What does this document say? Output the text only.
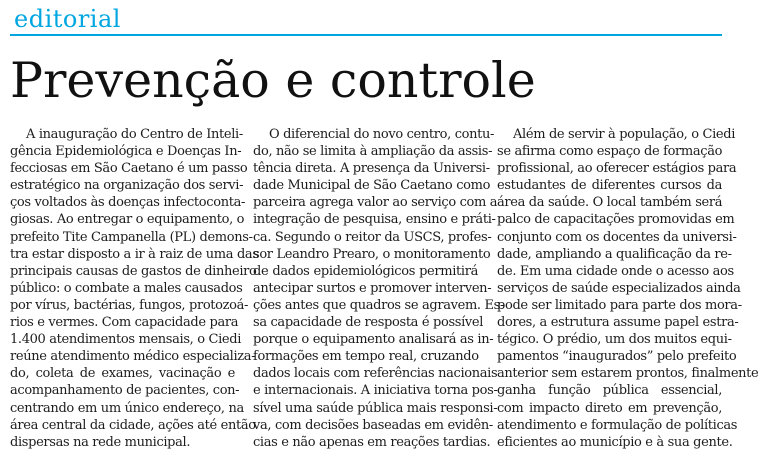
editorial
Prevenção e controle
A inauguração do Centro de Inteli-
gência Epidemiológica e Doenças In-
fecciosas em São Caetano é um passo
estratégico na organização dos servi-
ços voltados às doenças infectoconta-
giosas. Ao entregar o equipamento, o
prefeito Tite Campanella (PL) demons-
tra estar disposto a ir à raiz de uma das
principais causas de gastos de dinheiro
público: o combate a males causados
por vírus, bactérias, fungos, protozoá-
rios e vermes. Com capacidade para
1.400 atendimentos mensais, o Ciedi
reúne atendimento médico especializa-
do, coleta de exames, vacinação e
acompanhamento de pacientes, con-
centrando em um único endereço, na
área central da cidade, ações até então
dispersas na rede municipal.
O diferencial do novo centro, contu-
do, não se limita à ampliação da assis-
tência direta. A presença da Universi-
dade Municipal de São Caetano como
parceira agrega valor ao serviço com a
integração de pesquisa, ensino e práti-
ca. Segundo o reitor da USCS, profes-
sor Leandro Prearo, o monitoramento
de dados epidemiológicos permitirá
antecipar surtos e promover interven-
ções antes que quadros se agravem. Es-
sa capacidade de resposta é possível
porque o equipamento analisará as in-
formações em tempo real, cruzando
dados locais com referências nacionais
e internacionais. A iniciativa torna pos-
sível uma saúde pública mais responsi-
va, com decisões baseadas em evidên-
cias e não apenas em reações tardias.
Além de servir à população, o Ciedi
se afirma como espaço de formação
profissional, ao oferecer estágios para
estudantes de diferentes cursos da
área da saúde. O local também será
palco de capacitações promovidas em
conjunto com os docentes da universi-
dade, ampliando a qualificação da re-
de. Em uma cidade onde o acesso aos
serviços de saúde especializados ainda
pode ser limitado para parte dos mora-
dores, a estrutura assume papel estra-
tégico. O prédio, um dos muitos equi-
pamentos “inaugurados” pelo prefeito
anterior sem estarem prontos, finalmente
ganha função pública essencial,
com impacto direto em prevenção,
atendimento e formulação de políticas
eficientes ao município e à sua gente.
